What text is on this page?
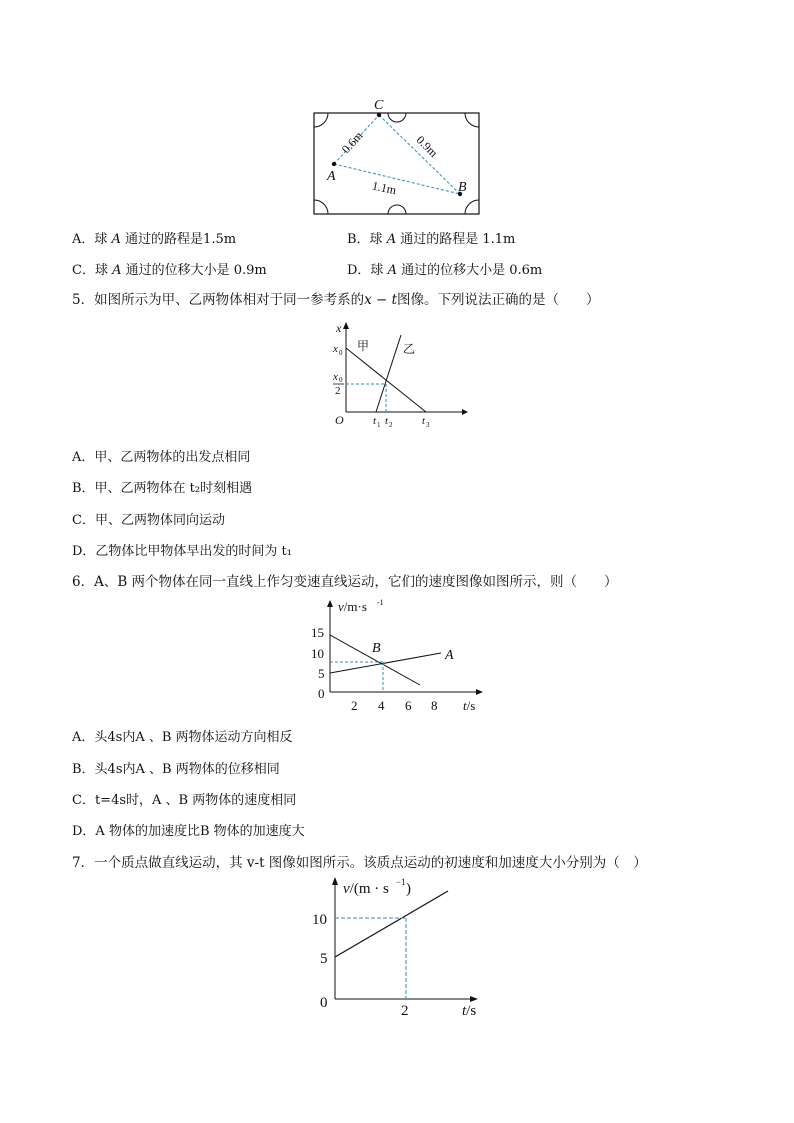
C
A
B
0.6m	0.9m
1.1m
A．球 A 通过的路程是1.5m	B．球 A 通过的路程是 1.1m
C．球 A 通过的位移大小是 0.9m	D．球 A 通过的位移大小是 0.6m
5．如图所示为甲、乙两物体相对于同一参考系的x − t图像。下列说法正确的是（　　）
x
O
x 0
x 0
2
甲	乙
t 1 t 2	t 3
A．甲、乙两物体的出发点相同
B．甲、乙两物体在 t₂时刻相遇
C．甲、乙两物体同向运动
D．乙物体比甲物体早出发的时间为 t₁
6．A、B 两个物体在同一直线上作匀变速直线运动，它们的速度图像如图所示，则（　　）
v/m·s -1
t/s
15
10
5
0
2 4 6 8
A
B
A．头4s内A 、B 两物体运动方向相反
B．头4s内A 、B 两物体的位移相同
C．t=4s时，A 、B 两物体的速度相同
D．A 物体的加速度比B 物体的加速度大
7．一个质点做直线运动，其 v-t 图像如图所示。该质点运动的初速度和加速度大小分别为（　）
v/(m · s −1 )
t/s
10
5
0	2
